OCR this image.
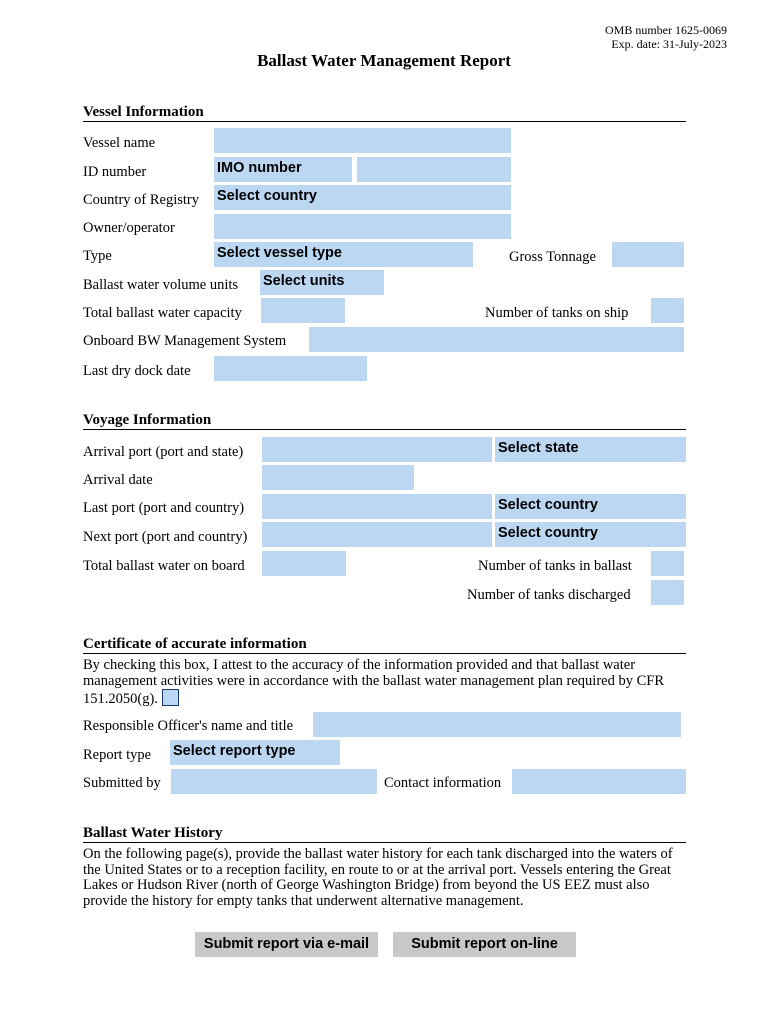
OMB number 1625-0069
Exp. date: 31-July-2023
Ballast Water Management Report
Vessel Information
Vessel name
ID number	IMO number
Country of Registry Select country
Owner/operator
Type	Select vessel type	Gross Tonnage
Ballast water volume units Select units
Total ballast water capacity	Number of tanks on ship
Onboard BW Management System
Last dry dock date
Voyage Information
Arrival port (port and state)	Select state
Arrival date
Last port (port and country)	Select country
Next port (port and country)	Select country
Total ballast water on board	Number of tanks in ballast
Number of tanks discharged
Certificate of accurate information
By checking this box, I attest to the accuracy of the information provided and that ballast water management activities were in accordance with the ballast water management plan required by CFR 151.2050(g).
Responsible Officer's name and title
Report type Select report type
Submitted by	Contact information
Ballast Water History
On the following page(s), provide the ballast water history for each tank discharged into the waters of the United States or to a reception facility, en route to or at the arrival port. Vessels entering the Great Lakes or Hudson River (north of George Washington Bridge) from beyond the US EEZ must also provide the history for empty tanks that underwent alternative management.
Submit report via e-mail	Submit report on-line
